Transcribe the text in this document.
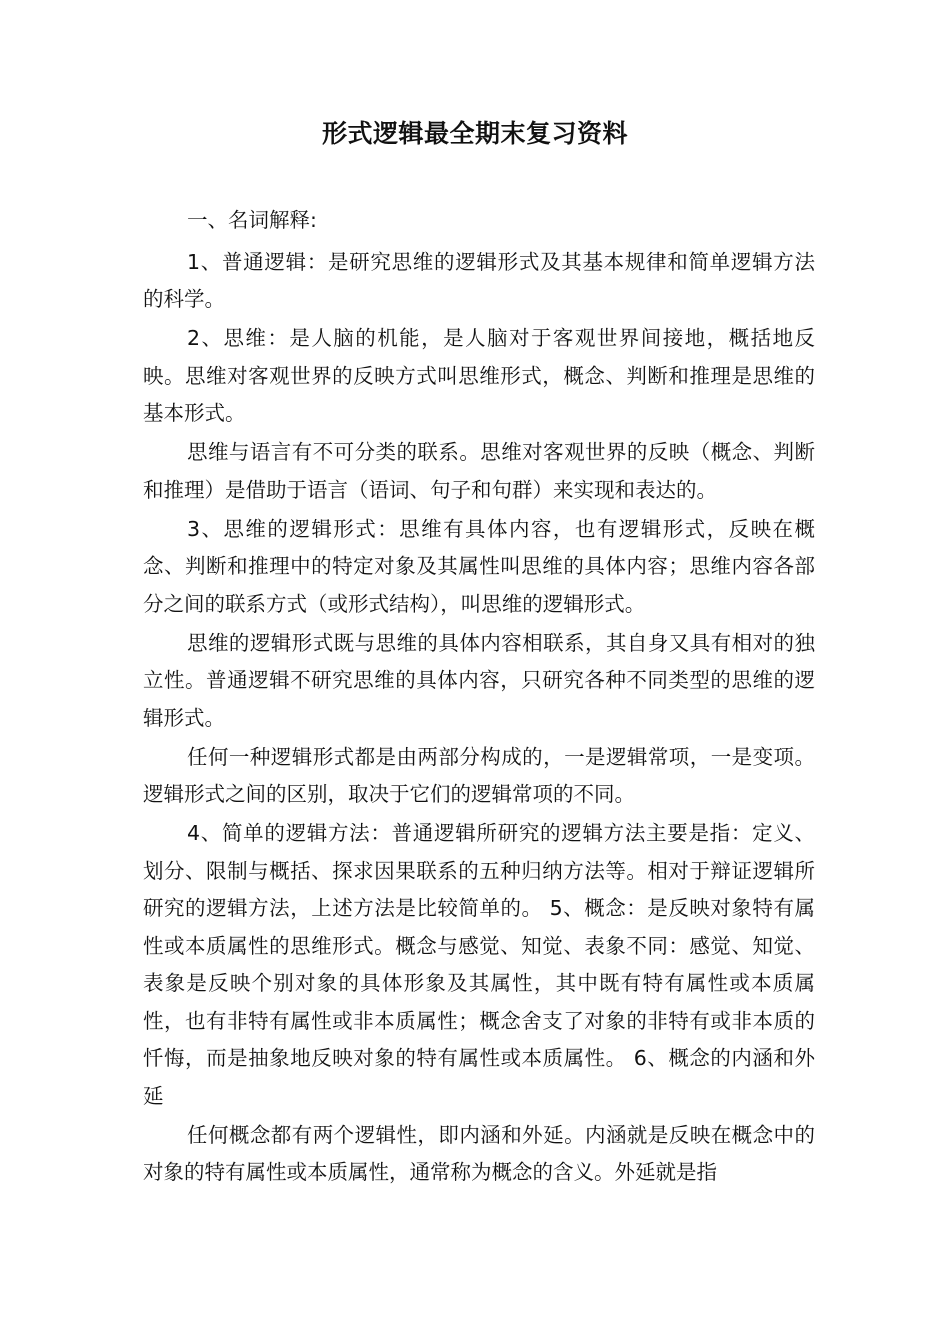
形式逻辑最全期末复习资料

一、名词解释:

1、普通逻辑：是研究思维的逻辑形式及其基本规律和简单逻辑方法的科学。

2、思维：是人脑的机能，是人脑对于客观世界间接地，概括地反映。思维对客观世界的反映方式叫思维形式，概念、判断和推理是思维的基本形式。

思维与语言有不可分类的联系。思维对客观世界的反映（概念、判断和推理）是借助于语言（语词、句子和句群）来实现和表达的。

3、思维的逻辑形式：思维有具体内容，也有逻辑形式，反映在概念、判断和推理中的特定对象及其属性叫思维的具体内容；思维内容各部分之间的联系方式（或形式结构），叫思维的逻辑形式。

思维的逻辑形式既与思维的具体内容相联系，其自身又具有相对的独立性。普通逻辑不研究思维的具体内容，只研究各种不同类型的思维的逻辑形式。

任何一种逻辑形式都是由两部分构成的，一是逻辑常项，一是变项。逻辑形式之间的区别，取决于它们的逻辑常项的不同。

4、简单的逻辑方法：普通逻辑所研究的逻辑方法主要是指：定义、划分、限制与概括、探求因果联系的五种归纳方法等。相对于辩证逻辑所研究的逻辑方法，上述方法是比较简单的。 5、概念：是反映对象特有属性或本质属性的思维形式。概念与感觉、知觉、表象不同：感觉、知觉、表象是反映个别对象的具体形象及其属性，其中既有特有属性或本质属性，也有非特有属性或非本质属性；概念舍支了对象的非特有或非本质的忏悔，而是抽象地反映对象的特有属性或本质属性。 6、概念的内涵和外延

任何概念都有两个逻辑性，即内涵和外延。内涵就是反映在概念中的对象的特有属性或本质属性，通常称为概念的含义。外延就是指
